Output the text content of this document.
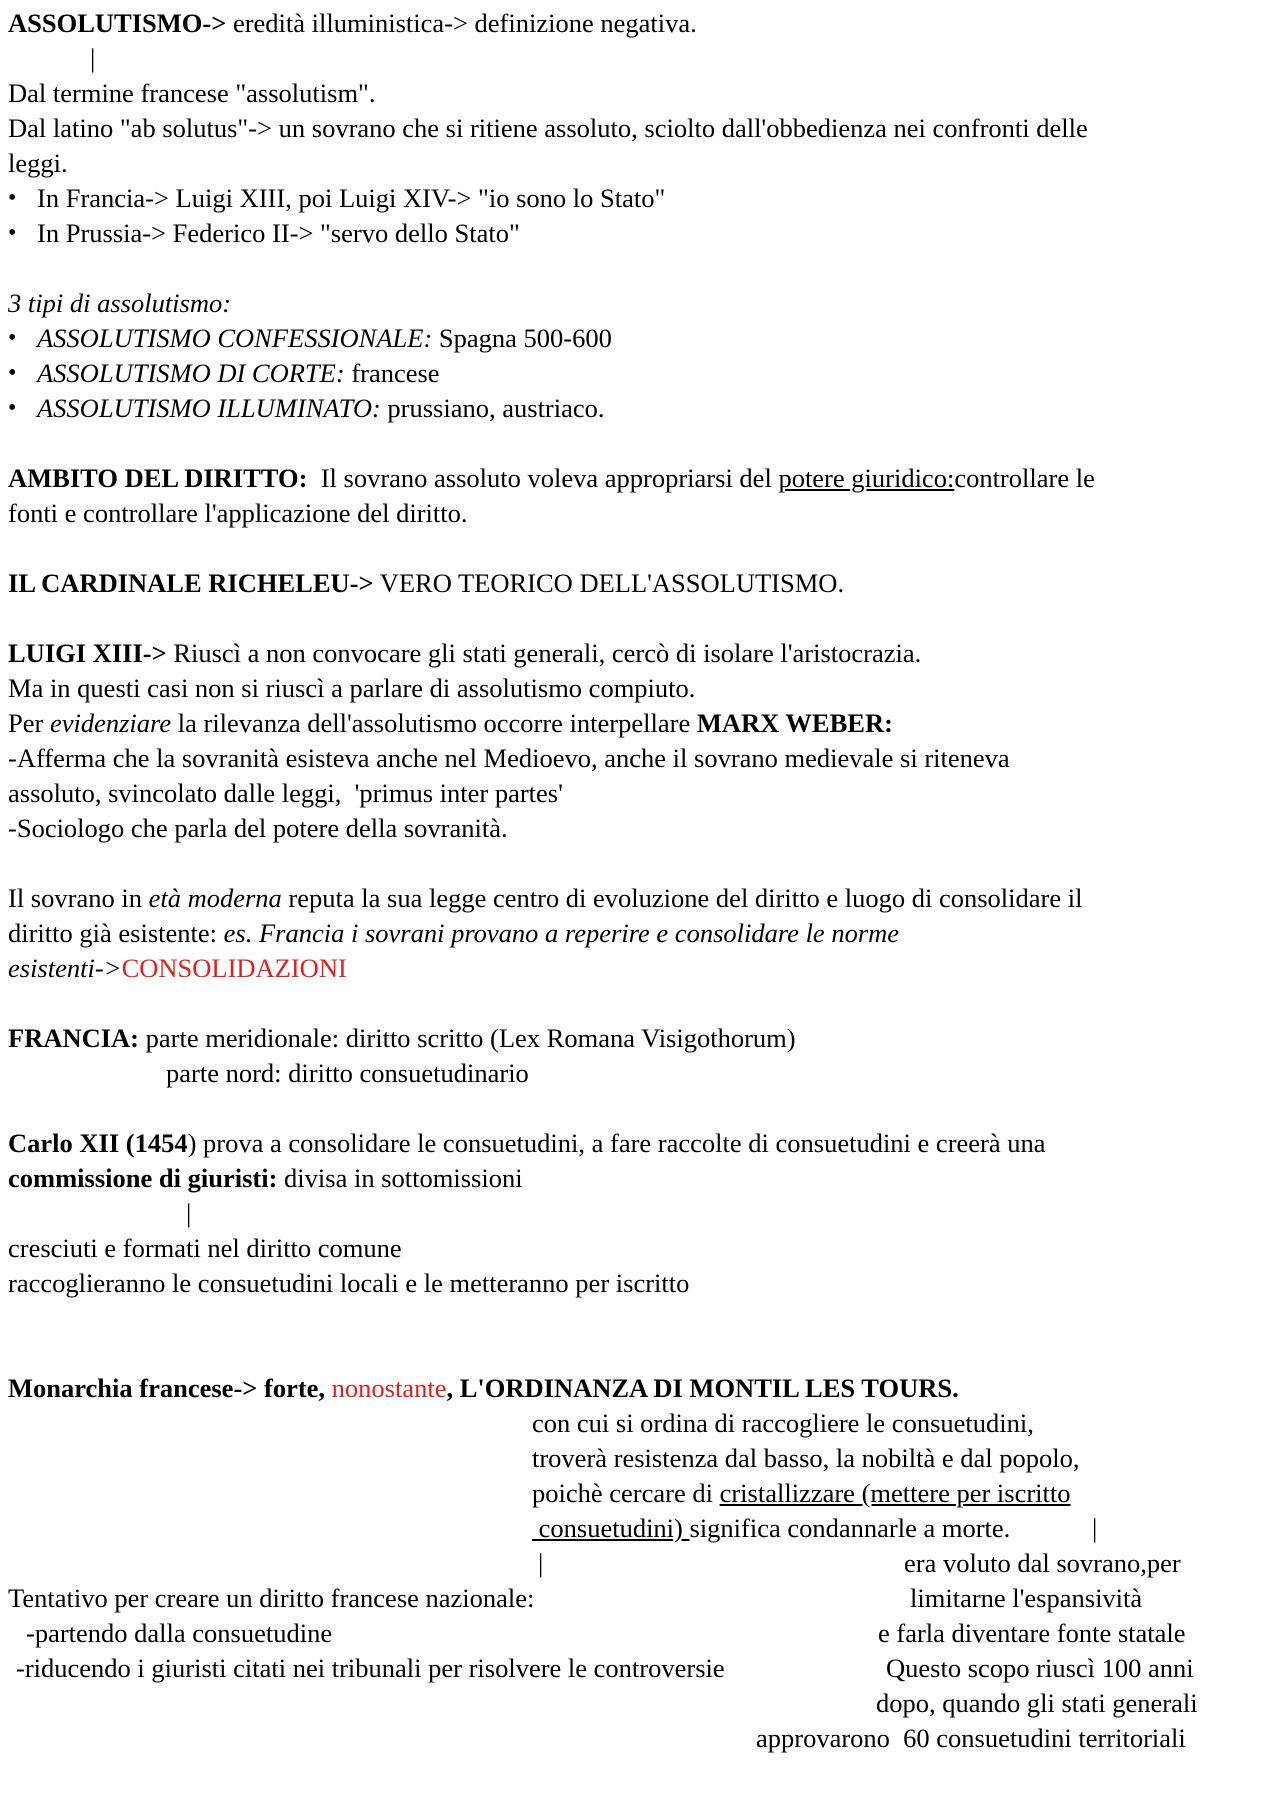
ASSOLUTISMO-> eredità illuministica-> definizione negativa.
|
Dal termine francese "assolutism".
Dal latino "ab solutus"-> un sovrano che si ritiene assoluto, sciolto dall'obbedienza nei confronti delle
leggi.
• In Francia-> Luigi XIII, poi Luigi XIV-> "io sono lo Stato"
• In Prussia-> Federico II-> "servo dello Stato"
3 tipi di assolutismo:
• ASSOLUTISMO CONFESSIONALE: Spagna 500-600
• ASSOLUTISMO DI CORTE: francese
• ASSOLUTISMO ILLUMINATO: prussiano, austriaco.
AMBITO DEL DIRITTO:  Il sovrano assoluto voleva appropriarsi del potere giuridico:controllare le
fonti e controllare l'applicazione del diritto.
IL CARDINALE RICHELEU-> VERO TEORICO DELL'ASSOLUTISMO.
LUIGI XIII-> Riuscì a non convocare gli stati generali, cercò di isolare l'aristocrazia.
Ma in questi casi non si riuscì a parlare di assolutismo compiuto.
Per evidenziare la rilevanza dell'assolutismo occorre interpellare MARX WEBER:
-Afferma che la sovranità esisteva anche nel Medioevo, anche il sovrano medievale si riteneva
assoluto, svincolato dalle leggi,  'primus inter partes'
-Sociologo che parla del potere della sovranità.
Il sovrano in età moderna reputa la sua legge centro di evoluzione del diritto e luogo di consolidare il
diritto già esistente: es. Francia i sovrani provano a reperire e consolidare le norme
esistenti->CONSOLIDAZIONI
FRANCIA: parte meridionale: diritto scritto (Lex Romana Visigothorum)
parte nord: diritto consuetudinario
Carlo XII (1454) prova a consolidare le consuetudini, a fare raccolte di consuetudini e creerà una
commissione di giuristi: divisa in sottomissioni
|
cresciuti e formati nel diritto comune
raccoglieranno le consuetudini locali e le metteranno per iscritto
Monarchia francese-> forte, nonostante, L'ORDINANZA DI MONTIL LES TOURS.
con cui si ordina di raccogliere le consuetudini,
troverà resistenza dal basso, la nobiltà e dal popolo,
poichè cercare di cristallizzare (mettere per iscritto
consuetudini) significa condannarle a morte.	|
|	era voluto dal sovrano,per
Tentativo per creare un diritto francese nazionale:	limitarne l'espansività
-partendo dalla consuetudine	e farla diventare fonte statale
-riducendo i giuristi citati nei tribunali per risolvere le controversie	Questo scopo riuscì 100 anni
dopo, quando gli stati generali
approvarono  60 consuetudini territoriali
